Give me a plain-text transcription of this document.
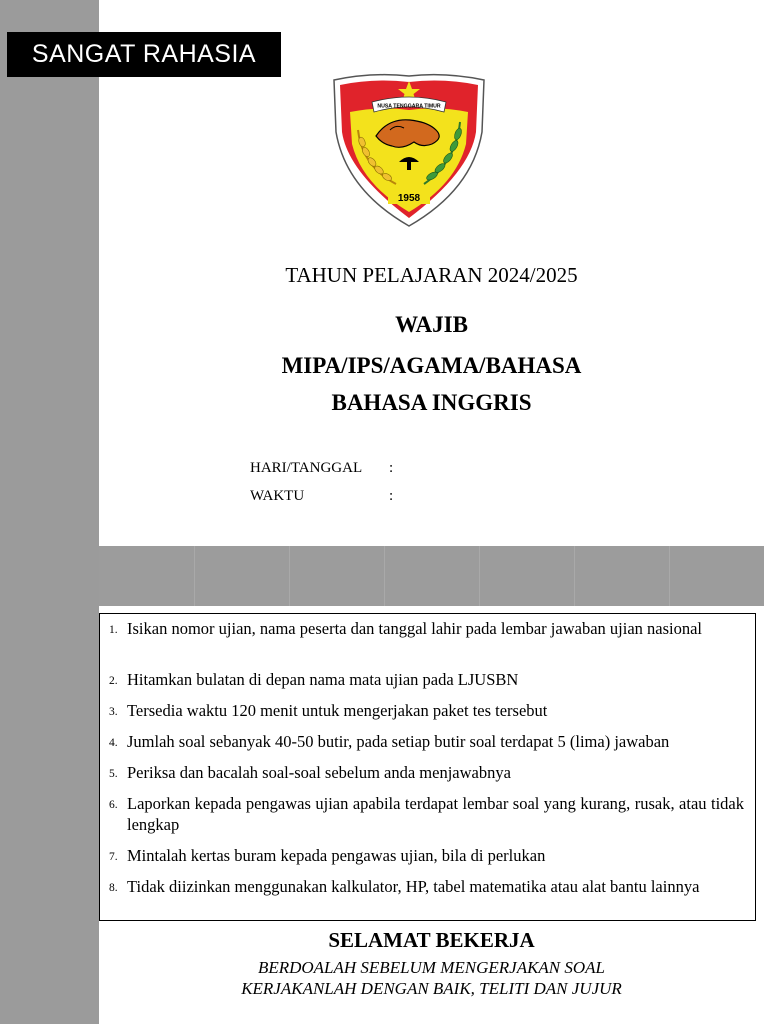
SANGAT RAHASIA
NUSA TENGGARA TIMUR
1958
TAHUN PELAJARAN 2024/2025
WAJIB
MIPA/IPS/AGAMA/BAHASA
BAHASA INGGRIS
HARI/TANGGAL :
WAKTU	:
1. Isikan nomor ujian, nama peserta dan tanggal lahir pada lembar jawaban ujian nasional
2. Hitamkan bulatan di depan nama mata ujian pada LJUSBN
3. Tersedia waktu 120 menit untuk mengerjakan paket tes tersebut
4. Jumlah soal sebanyak 40-50 butir, pada setiap butir soal terdapat 5 (lima) jawaban
5. Periksa dan bacalah soal-soal sebelum anda menjawabnya
6. Laporkan kepada pengawas ujian apabila terdapat lembar soal yang kurang, rusak, atau tidak lengkap
7. Mintalah kertas buram kepada pengawas ujian, bila di perlukan
8. Tidak diizinkan menggunakan kalkulator, HP, tabel matematika atau alat bantu lainnya
SELAMAT BEKERJA
BERDOALAH SEBELUM MENGERJAKAN SOAL
KERJAKANLAH DENGAN BAIK, TELITI DAN JUJUR
